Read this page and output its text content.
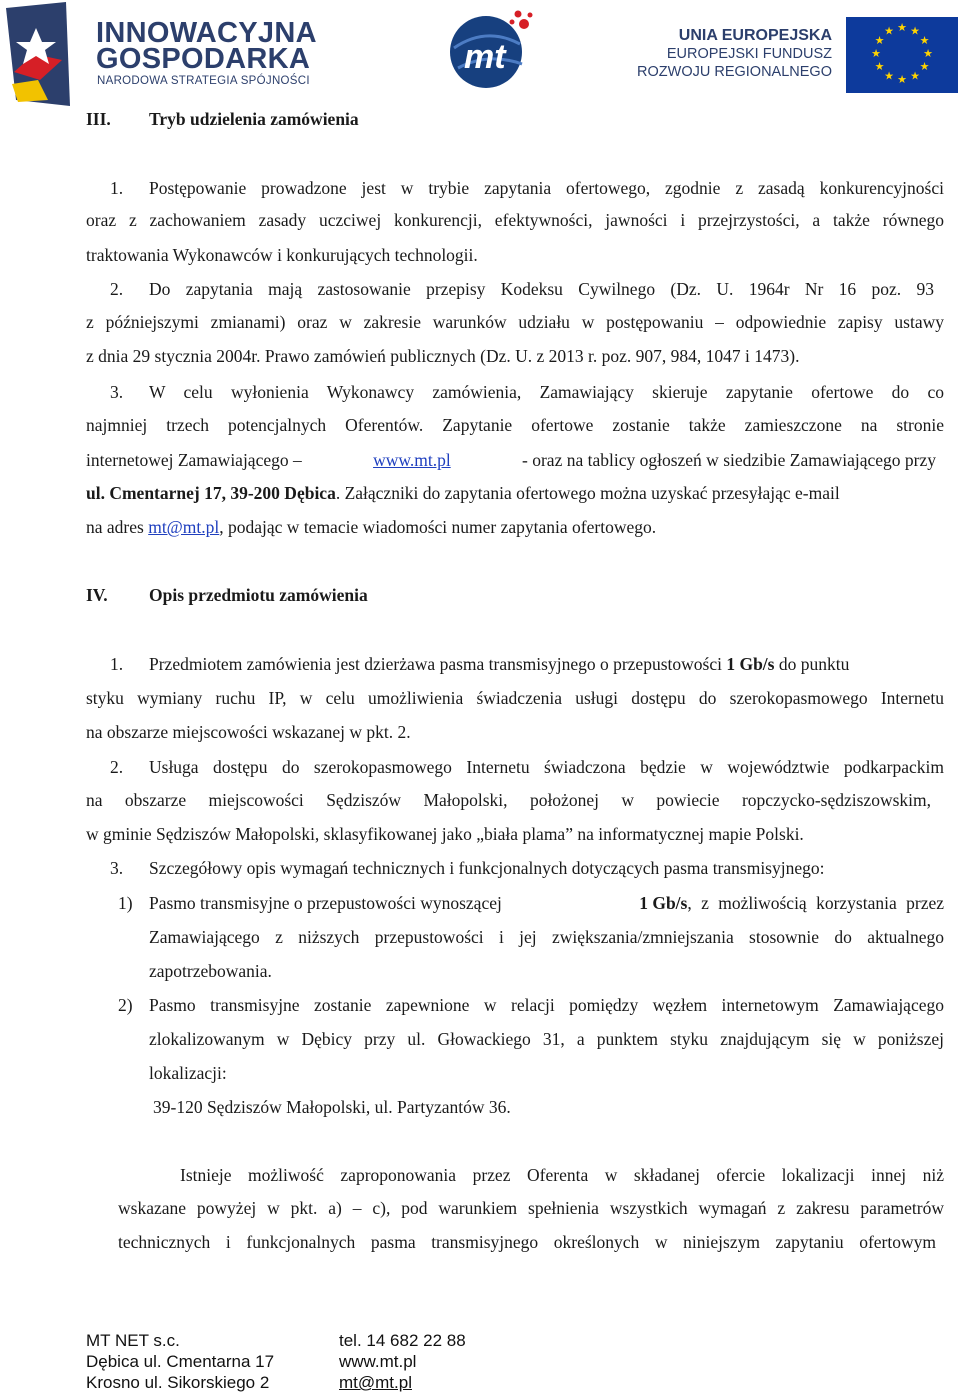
INNOWACYJNA
GOSPODARKA
NARODOWA STRATEGIA SPÓJNOŚCI
mt
UNIA EUROPEJSKA
EUROPEJSKI FUNDUSZ
ROZWOJU REGIONALNEGO
★ ★
★
★
★
★
★
★
★
★
★
★
III. Tryb udzielenia zamówienia
1. Postępowanie prowadzone jest w trybie zapytania ofertowego, zgodnie z zasadą konkurencyjności
oraz z zachowaniem zasady uczciwej konkurencji, efektywności, jawności i przejrzystości, a także równego
traktowania Wykonawców i konkurujących technologii.
2. Do zapytania mają zastosowanie przepisy Kodeksu Cywilnego (Dz. U. 1964r Nr 16 poz. 93
z późniejszymi zmianami) oraz w zakresie warunków udziału w postępowaniu – odpowiednie zapisy ustawy
z dnia 29 stycznia 2004r. Prawo zamówień publicznych (Dz. U. z 2013 r. poz. 907, 984, 1047 i 1473).
3. W celu wyłonienia Wykonawcy zamówienia, Zamawiający skieruje zapytanie ofertowe do co
najmniej trzech potencjalnych Oferentów. Zapytanie ofertowe zostanie także zamieszczone na stronie
internetowej Zamawiającego –	www.mt.pl	- oraz na tablicy ogłoszeń w siedzibie Zamawiającego przy
ul. Cmentarnej 17, 39-200 Dębica. Załączniki do zapytania ofertowego można uzyskać przesyłając e-mail
na adres mt@mt.pl, podając w temacie wiadomości numer zapytania ofertowego.
IV. Opis przedmiotu zamówienia
1. Przedmiotem zamówienia jest dzierżawa pasma transmisyjnego o przepustowości 1 Gb/s do punktu
styku wymiany ruchu IP, w celu umożliwienia świadczenia usługi dostępu do szerokopasmowego Internetu
na obszarze miejscowości wskazanej w pkt. 2.
2. Usługa dostępu do szerokopasmowego Internetu świadczona będzie w województwie podkarpackim
na obszarze miejscowości Sędziszów Małopolski, położonej w powiecie ropczycko-sędziszowskim,
w gminie Sędziszów Małopolski, sklasyfikowanej jako „biała plama” na informatycznej mapie Polski.
3. Szczegółowy opis wymagań technicznych i funkcjonalnych dotyczących pasma transmisyjnego:
1) Pasmo transmisyjne o przepustowości wynoszącej	1 Gb/s , z możliwością korzystania przez
Zamawiającego z niższych przepustowości i jej zwiększania/zmniejszania stosownie do aktualnego
zapotrzebowania.
2) Pasmo transmisyjne zostanie zapewnione w relacji pomiędzy węzłem internetowym Zamawiającego
zlokalizowanym w Dębicy przy ul. Głowackiego 31, a punktem styku znajdującym się w poniższej
lokalizacji:
39-120 Sędziszów Małopolski, ul. Partyzantów 36.
Istnieje możliwość zaproponowania przez Oferenta w składanej ofercie lokalizacji innej niż
wskazane powyżej w pkt. a) – c), pod warunkiem spełnienia wszystkich wymagań z zakresu parametrów
technicznych i funkcjonalnych pasma transmisyjnego określonych w niniejszym zapytaniu ofertowym
MT NET s.c.
Dębica ul. Cmentarna 17
Krosno ul. Sikorskiego 2
tel. 14 682 22 88
www.mt.pl
mt@mt.pl
